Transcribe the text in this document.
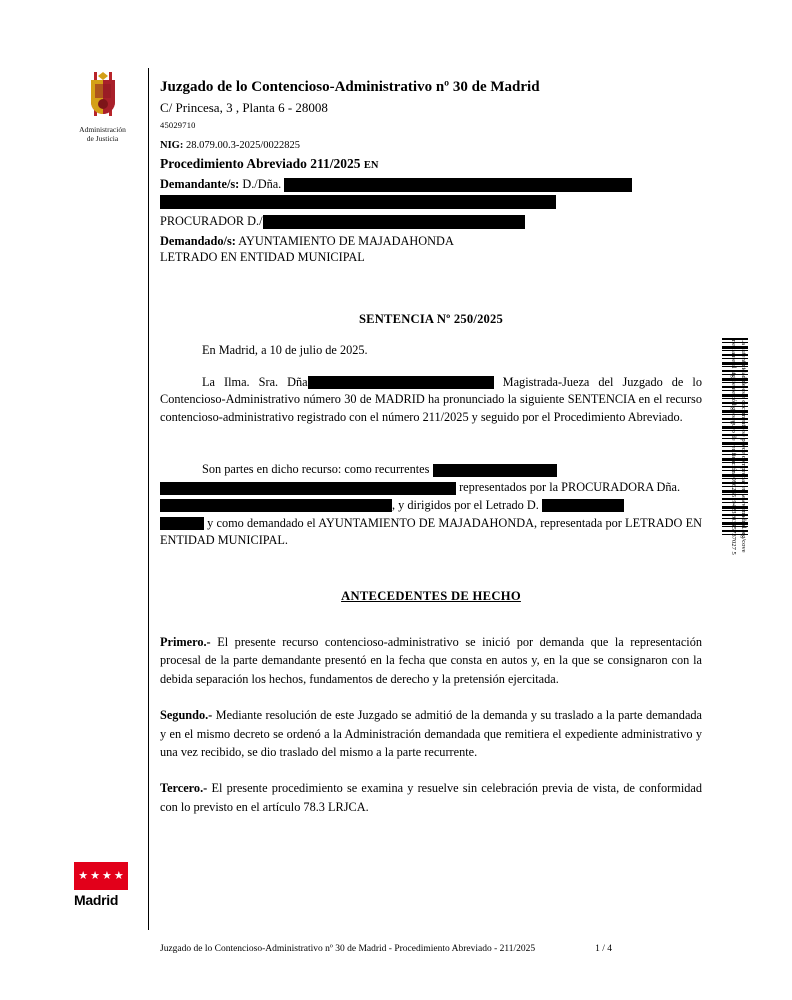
Administración
de Justicia
★ ★ ★ ★
Madrid
La autenticidad de este documento se puede comprobar en www.madrid.org/cove
mediante el siguiente código seguro de verificación: 0962851942320345737027 5
Juzgado de lo Contencioso-Administrativo nº 30 de Madrid
C/ Princesa, 3 , Planta 6 - 28008
45029710
NIG: 28.079.00.3-2025/0022825
Procedimiento Abreviado 211/2025 EN
Demandante/s: D./Dña.
PROCURADOR D./
Demandado/s: AYUNTAMIENTO DE MAJADAHONDA
LETRADO EN ENTIDAD MUNICIPAL
SENTENCIA Nº 250/2025
En Madrid, a 10 de julio de 2025.
La Ilma. Sra. Dña	Magistrada-Jueza del Juzgado de lo Contencioso-Administrativo número 30 de MADRID ha pronunciado la siguiente SENTENCIA en el recurso contencioso-administrativo registrado con el número 211/2025 y seguido por el Procedimiento Abreviado.
Son partes en dicho recurso: como recurrentes
representados por la PROCURADORA Dña.
, y dirigidos por el Letrado D.
y como demandado el AYUNTAMIENTO DE MAJADAHONDA, representada por LETRADO EN ENTIDAD MUNICIPAL.
ANTECEDENTES DE HECHO
Primero.- El presente recurso contencioso-administrativo se inició por demanda que la representación procesal de la parte demandante presentó en la fecha que consta en autos y, en la que se consignaron con la debida separación los hechos, fundamentos de derecho y la pretensión ejercitada.
Segundo.- Mediante resolución de este Juzgado se admitió de la demanda y su traslado a la parte demandada y en el mismo decreto se ordenó a la Administración demandada que remitiera el expediente administrativo y una vez recibido, se dio traslado del mismo a la parte recurrente.
Tercero.- El presente procedimiento se examina y resuelve sin celebración previa de vista, de conformidad con lo previsto en el artículo 78.3 LRJCA.
Juzgado de lo Contencioso-Administrativo nº 30 de Madrid - Procedimiento Abreviado - 211/2025	1 / 4
